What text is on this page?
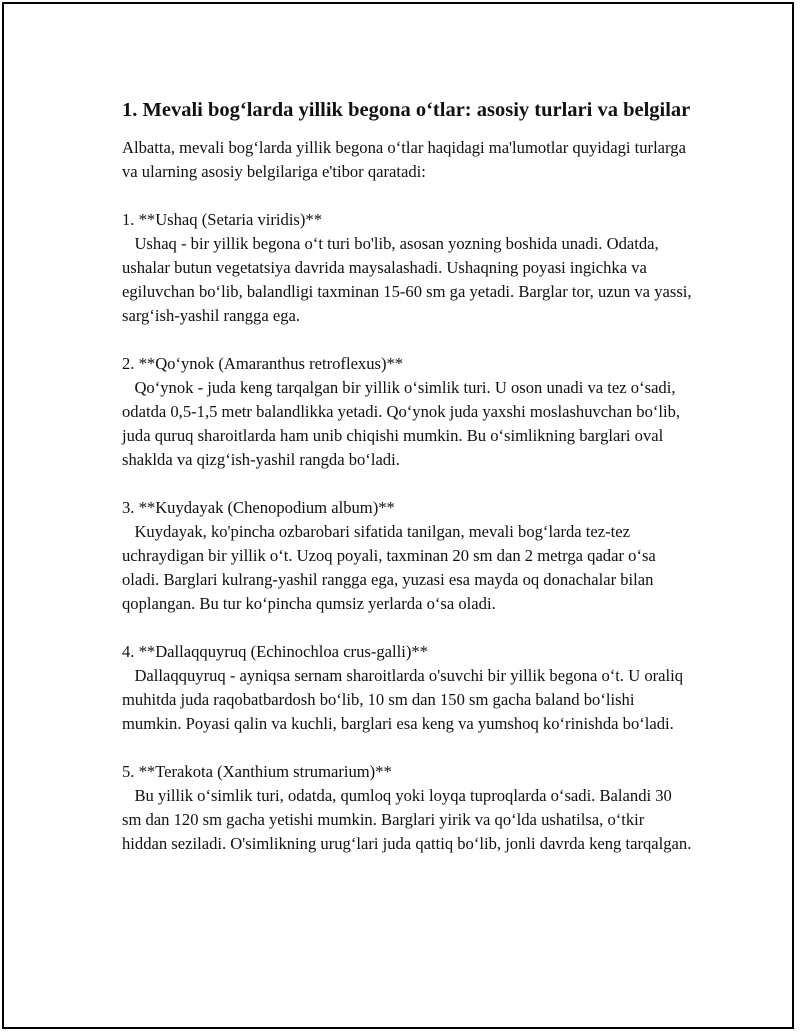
1. Mevali bog‘larda yillik begona o‘tlar: asosiy turlari va belgilar

Albatta, mevali bog‘larda yillik begona o‘tlar haqidagi ma'lumotlar quyidagi turlarga va ularning asosiy belgilariga e'tibor qaratadi:

1. **Ushaq (Setaria viridis)**

Ushaq - bir yillik begona o‘t turi bo'lib, asosan yozning boshida unadi. Odatda, ushalar butun vegetatsiya davrida maysalashadi. Ushaqning poyasi ingichka va egiluvchan bo‘lib, balandligi taxminan 15-60 sm ga yetadi. Barglar tor, uzun va yassi, sarg‘ish-yashil rangga ega.

2. **Qo‘ynok (Amaranthus retroflexus)**

Qo‘ynok - juda keng tarqalgan bir yillik o‘simlik turi. U oson unadi va tez o‘sadi, odatda 0,5-1,5 metr balandlikka yetadi. Qo‘ynok juda yaxshi moslashuvchan bo‘lib, juda quruq sharoitlarda ham unib chiqishi mumkin. Bu o‘simlikning barglari oval shaklda va qizg‘ish-yashil rangda bo‘ladi.

3. **Kuydayak (Chenopodium album)**

Kuydayak, ko'pincha ozbarobari sifatida tanilgan, mevali bog‘larda tez-tez uchraydigan bir yillik o‘t. Uzoq poyali, taxminan 20 sm dan 2 metrga qadar o‘sa oladi. Barglari kulrang-yashil rangga ega, yuzasi esa mayda oq donachalar bilan qoplangan. Bu tur ko‘pincha qumsiz yerlarda o‘sa oladi.

4. **Dallaqquyruq (Echinochloa crus-galli)**

Dallaqquyruq - ayniqsa sernam sharoitlarda o'suvchi bir yillik begona o‘t. U oraliq muhitda juda raqobatbardosh bo‘lib, 10 sm dan 150 sm gacha baland bo‘lishi mumkin. Poyasi qalin va kuchli, barglari esa keng va yumshoq ko‘rinishda bo‘ladi.

5. **Terakota (Xanthium strumarium)**

Bu yillik o‘simlik turi, odatda, qumloq yoki loyqa tuproqlarda o‘sadi. Balandi 30 sm dan 120 sm gacha yetishi mumkin. Barglari yirik va qo‘lda ushatilsa, o‘tkir hiddan seziladi. O'simlikning urug‘lari juda qattiq bo‘lib, jonli davrda keng tarqalgan.
